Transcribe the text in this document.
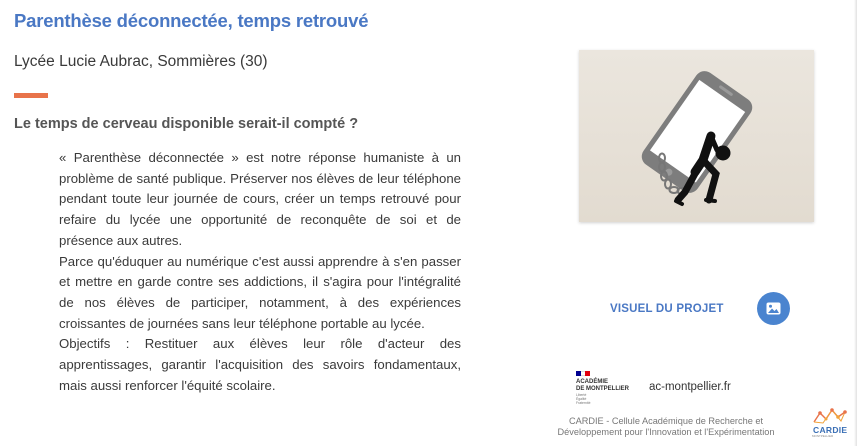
Parenthèse déconnectée, temps retrouvé
Lycée Lucie Aubrac, Sommières (30)
Le temps de cerveau disponible serait-il compté ?

« Parenthèse déconnectée » est notre réponse humaniste à un problème de santé publique. Préserver nos élèves de leur téléphone pendant toute leur journée de cours, créer un temps retrouvé pour refaire du lycée une opportunité de reconquête de soi et de présence aux autres.

Parce qu'éduquer au numérique c'est aussi apprendre à s'en passer et mettre en garde contre ses addictions, il s'agira pour l'intégralité de nos élèves de participer, notamment, à des expériences croissantes de journées sans leur téléphone portable au lycée.

Objectifs : Restituer aux élèves leur rôle d'acteur des apprentissages, garantir l'acquisition des savoirs fondamentaux, mais aussi renforcer l'équité scolaire.

VISUEL DU PROJET
ACADÉMIE
DE MONTPELLIER
Liberté
Égalité
Fraternité
ac-montpellier.fr
CARDIE - Cellule Académique de Recherche et Développement pour l'Innovation et l'Expérimentation	CARDIE
MONTPELLIER
